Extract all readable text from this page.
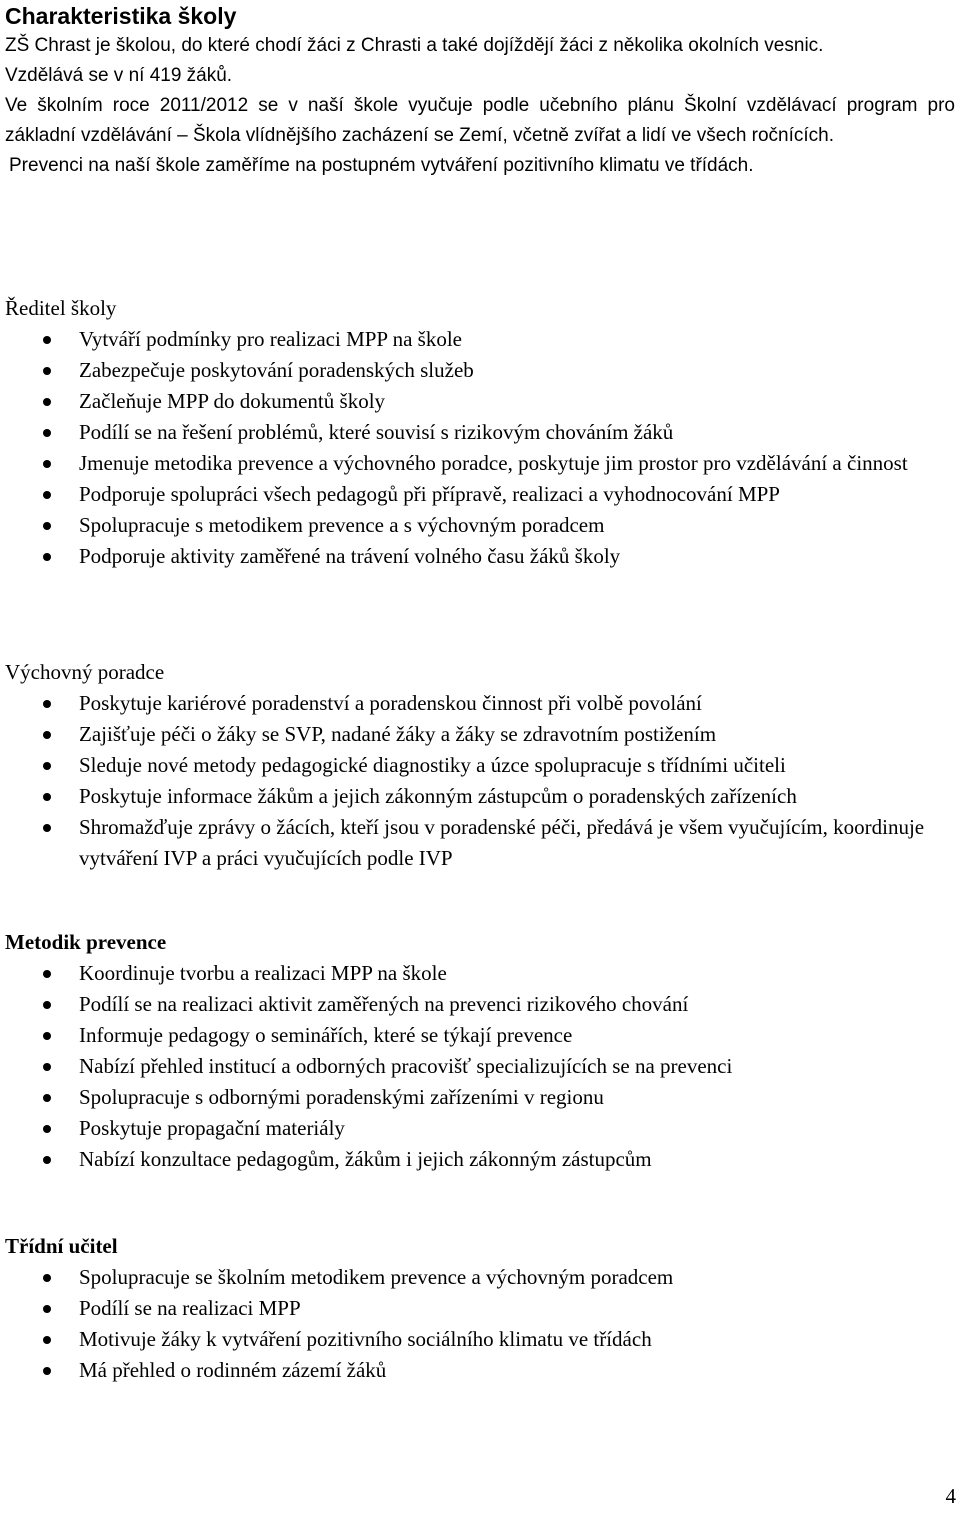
Charakteristika školy

ZŠ Chrast je školou, do které chodí žáci z Chrasti a také dojíždějí žáci z několika okolních vesnic.

Vzdělává se v ní 419 žáků.

Ve školním roce 2011/2012 se v naší škole vyučuje podle učebního plánu Školní vzdělávací program pro základní vzdělávání – Škola vlídnějšího zacházení se Zemí, včetně zvířat a lidí ve všech ročnících.

Prevenci na naší škole zaměříme na postupném vytváření pozitivního klimatu ve třídách.

Ředitel školy
Vytváří podmínky pro realizaci MPP na škole
Zabezpečuje poskytování poradenských služeb
Začleňuje MPP do dokumentů školy
Podílí se na řešení problémů, které souvisí s rizikovým chováním žáků
Jmenuje metodika prevence a výchovného poradce, poskytuje jim prostor pro vzdělávání a činnost
Podporuje spolupráci všech pedagogů při přípravě, realizaci a vyhodnocování MPP
Spolupracuje s metodikem prevence a s výchovným poradcem
Podporuje aktivity zaměřené na trávení volného času žáků školy
Výchovný poradce
Poskytuje kariérové poradenství a poradenskou činnost při volbě povolání
Zajišťuje péči o žáky se SVP, nadané žáky a žáky se zdravotním postižením
Sleduje nové metody pedagogické diagnostiky a úzce spolupracuje s třídními učiteli
Poskytuje informace žákům a jejich zákonným zástupcům o poradenských zařízeních
Shromažďuje zprávy o žácích, kteří jsou v poradenské péči, předává je všem vyučujícím, koordinuje vytváření IVP a práci vyučujících podle IVP
Metodik prevence
Koordinuje tvorbu a realizaci MPP na škole
Podílí se na realizaci aktivit zaměřených na prevenci rizikového chování
Informuje pedagogy o seminářích, které se týkají prevence
Nabízí přehled institucí a odborných pracovišť specializujících se na prevenci
Spolupracuje s odbornými poradenskými zařízeními v regionu
Poskytuje propagační materiály
Nabízí konzultace pedagogům, žákům i jejich zákonným zástupcům
Třídní učitel
Spolupracuje se školním metodikem prevence a výchovným poradcem
Podílí se na realizaci MPP
Motivuje žáky k vytváření pozitivního sociálního klimatu ve třídách
Má přehled o rodinném zázemí žáků
4
